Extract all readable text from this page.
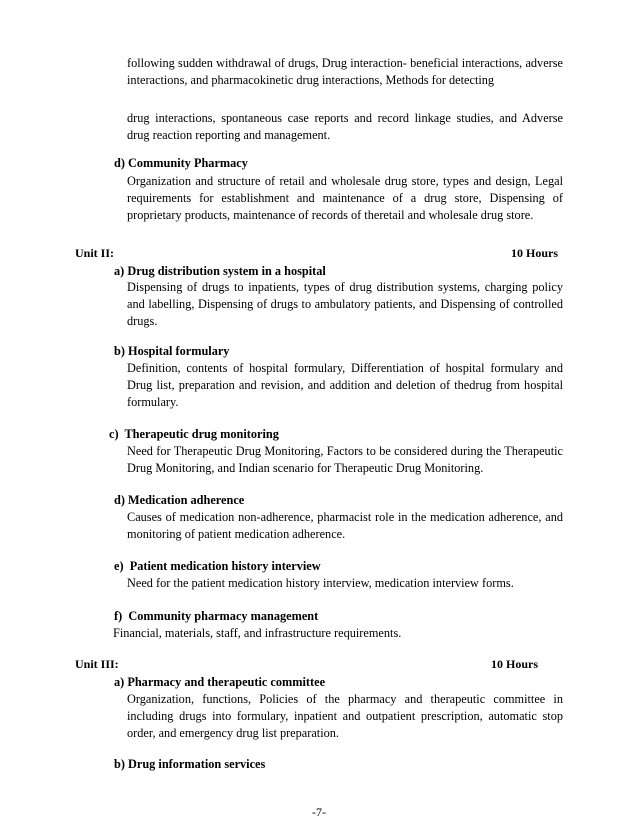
following sudden withdrawal of drugs, Drug interaction- beneficial interactions, adverse interactions, and pharmacokinetic drug interactions, Methods for detecting
drug interactions, spontaneous case reports and record linkage studies, and Adverse drug reaction reporting and management.
d) Community Pharmacy
Organization and structure of retail and wholesale drug store, types and design, Legal requirements for establishment and maintenance of a drug store, Dispensing of proprietary products, maintenance of records of theretail and wholesale drug store.
Unit II:	10 Hours
a) Drug distribution system in a hospital
Dispensing of drugs to inpatients, types of drug distribution systems, charging policy and labelling, Dispensing of drugs to ambulatory patients, and Dispensing of controlled drugs.
b) Hospital formulary
Definition, contents of hospital formulary, Differentiation of hospital formulary and Drug list, preparation and revision, and addition and deletion of thedrug from hospital formulary.
c)  Therapeutic drug monitoring
Need for Therapeutic Drug Monitoring, Factors to be considered during the Therapeutic Drug Monitoring, and Indian scenario for Therapeutic Drug Monitoring.
d) Medication adherence
Causes of medication non-adherence, pharmacist role in the medication adherence, and monitoring of patient medication adherence.
e)  Patient medication history interview
Need for the patient medication history interview, medication interview forms.
f)  Community pharmacy management
Financial, materials, staff, and infrastructure requirements.
Unit III:	10 Hours
a) Pharmacy and therapeutic committee
Organization, functions, Policies of the pharmacy and therapeutic committee in including drugs into formulary, inpatient and outpatient prescription, automatic stop order, and emergency drug list preparation.
b) Drug information services
-7-
